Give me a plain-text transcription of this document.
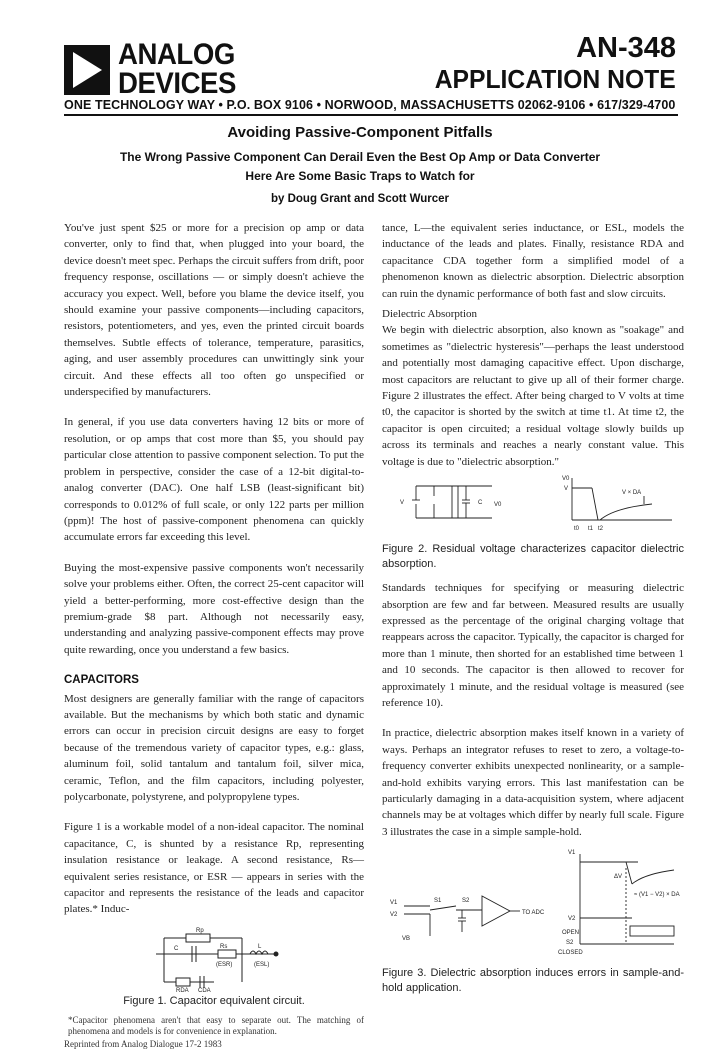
ANALOG
DEVICES
AN-348
APPLICATION NOTE
ONE TECHNOLOGY WAY • P.O. BOX 9106 • NORWOOD, MASSACHUSETTS 02062-9106 • 617/329-4700
Avoiding Passive-Component Pitfalls
The Wrong Passive Component Can Derail Even the Best Op Amp or Data Converter
Here Are Some Basic Traps to Watch for
by Doug Grant and Scott Wurcer

You've just spent $25 or more for a precision op amp or data converter, only to find that, when plugged into your board, the device doesn't meet spec. Perhaps the circuit suffers from drift, poor frequency response, oscillations — or simply doesn't achieve the accuracy you expect. Well, before you blame the device itself, you should examine your passive components—including capacitors, resistors, potentiometers, and yes, even the printed circuit boards themselves. Subtle effects of tolerance, temperature, parasitics, aging, and user assembly procedures can unwittingly sink your circuit. And these effects all too often go unspecified or underspecified by manufacturers.

In general, if you use data converters having 12 bits or more of resolution, or op amps that cost more than $5, you should pay particular close attention to passive component selection. To put the problem in perspective, consider the case of a 12-bit digital-to-analog converter (DAC). One half LSB (least-significant bit) corresponds to 0.012% of full scale, or only 122 parts per million (ppm)! The host of passive-component phenomena can quickly accumulate errors far exceeding this level.

Buying the most-expensive passive components won't necessarily solve your problems either. Often, the correct 25-cent capacitor will yield a better-performing, more cost-effective design than the premium-grade $8 part. Although not necessarily easy, understanding and analyzing passive-component effects may prove quite rewarding, once you understand a few basics.

CAPACITORS

Most designers are generally familiar with the range of capacitors available. But the mechanisms by which both static and dynamic errors can occur in precision circuit designs are easy to forget because of the tremendous variety of capacitor types, e.g.: glass, aluminum foil, solid tantalum and tantalum foil, silver mica, ceramic, Teflon, and the film capacitors, including polyester, polycarbonate, polystyrene, and polypropylene types.

Figure 1 is a workable model of a non-ideal capacitor. The nominal capacitance, C, is shunted by a resistance Rp, representing insulation resistance or leakage. A second resistance, Rs—equivalent series resistance, or ESR — appears in series with the capacitor and represents the resistance of the leads and capacitor plates.* Induc-

Rp
C	Rs
(ESR)
L
(ESL)
RDA CDA
Figure 1. Capacitor equivalent circuit.
*Capacitor phenomena aren't that easy to separate out. The matching of phenomena and models is for convenience in explanation.
Reprinted from Analog Dialogue 17-2 1983

tance, L—the equivalent series inductance, or ESL, models the inductance of the leads and plates. Finally, resistance RDA and capacitance CDA together form a simplified model of a phenomenon known as dielectric absorption. Dielectric absorption can ruin the dynamic performance of both fast and slow circuits.

Dielectric Absorption

We begin with dielectric absorption, also known as "soakage" and sometimes as "dielectric hysteresis"—perhaps the least understood and potentially most damaging capacitive effect. Upon discharge, most capacitors are reluctant to give up all of their former charge. Figure 2 illustrates the effect. After being charged to V volts at time t0, the capacitor is shorted by the switch at time t1. At time t2, the capacitor is open circuited; a residual voltage slowly builds up across its terminals and reaches a nearly constant value. This voltage is due to "dielectric absorption."

V	C V0
V0
V
V × DA
t0 t1 t2
Figure 2. Residual voltage characterizes capacitor dielectric absorption.

Standards techniques for specifying or measuring dielectric absorption are few and far between. Measured results are usually expressed as the percentage of the original charging voltage that reappears across the capacitor. Typically, the capacitor is charged for more than 1 minute, then shorted for an established time between 1 and 10 seconds. The capacitor is then allowed to recover for approximately 1 minute, and the residual voltage is measured (see reference 10).

In practice, dielectric absorption makes itself known in a variety of ways. Perhaps an integrator refuses to reset to zero, a voltage-to-frequency converter exhibits unexpected nonlinearity, or a sample-and-hold exhibits varying errors. This last manifestation can be particularly damaging in a data-acquisition system, where adjacent channels may be at voltages which differ by nearly full scale. Figure 3 illustrates the case in a simple sample-hold.

V1
V2
VB
S1	S2
TO ADC
V1
ΔV
≈ (V1 − V2) × DA
V2
OPEN
S2
CLOSED
Figure 3. Dielectric absorption induces errors in sample-and-hold application.
